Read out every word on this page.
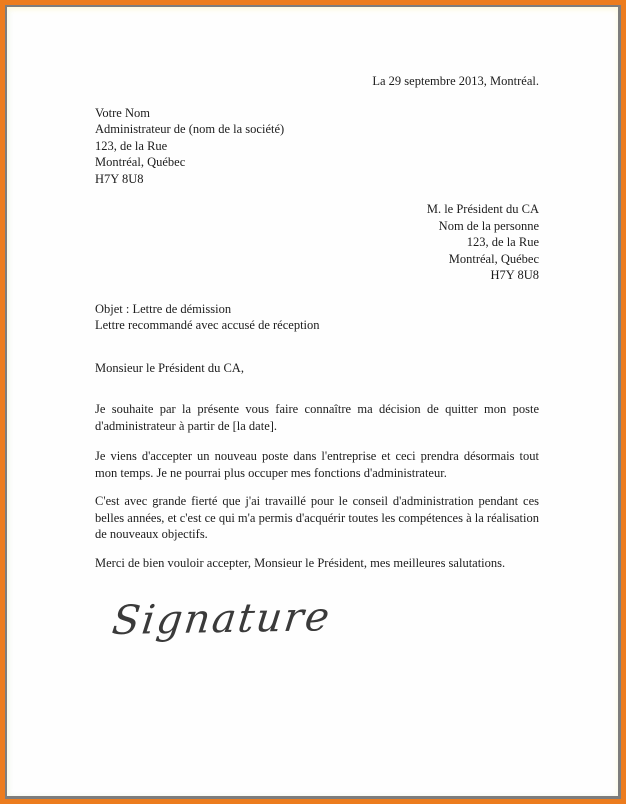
La 29 septembre 2013, Montréal.
Votre Nom
Administrateur de (nom de la société)
123, de la Rue
Montréal, Québec
H7Y 8U8
M. le Président du CA
Nom de la personne
123, de la Rue
Montréal, Québec
H7Y 8U8
Objet : Lettre de démission
Lettre recommandé avec accusé de réception
Monsieur le Président du CA,

Je souhaite par la présente vous faire connaître ma décision de quitter mon poste d'administrateur à partir de [la date].

Je viens d'accepter un nouveau poste dans l'entreprise et ceci prendra désormais tout mon temps. Je ne pourrai plus occuper mes fonctions d'administrateur.

C'est avec grande fierté que j'ai travaillé pour le conseil d'administration pendant ces belles années, et c'est ce qui m'a permis d'acquérir toutes les compétences à la réalisation de nouveaux objectifs.

Merci de bien vouloir accepter, Monsieur le Président, mes meilleures salutations.

Signature
